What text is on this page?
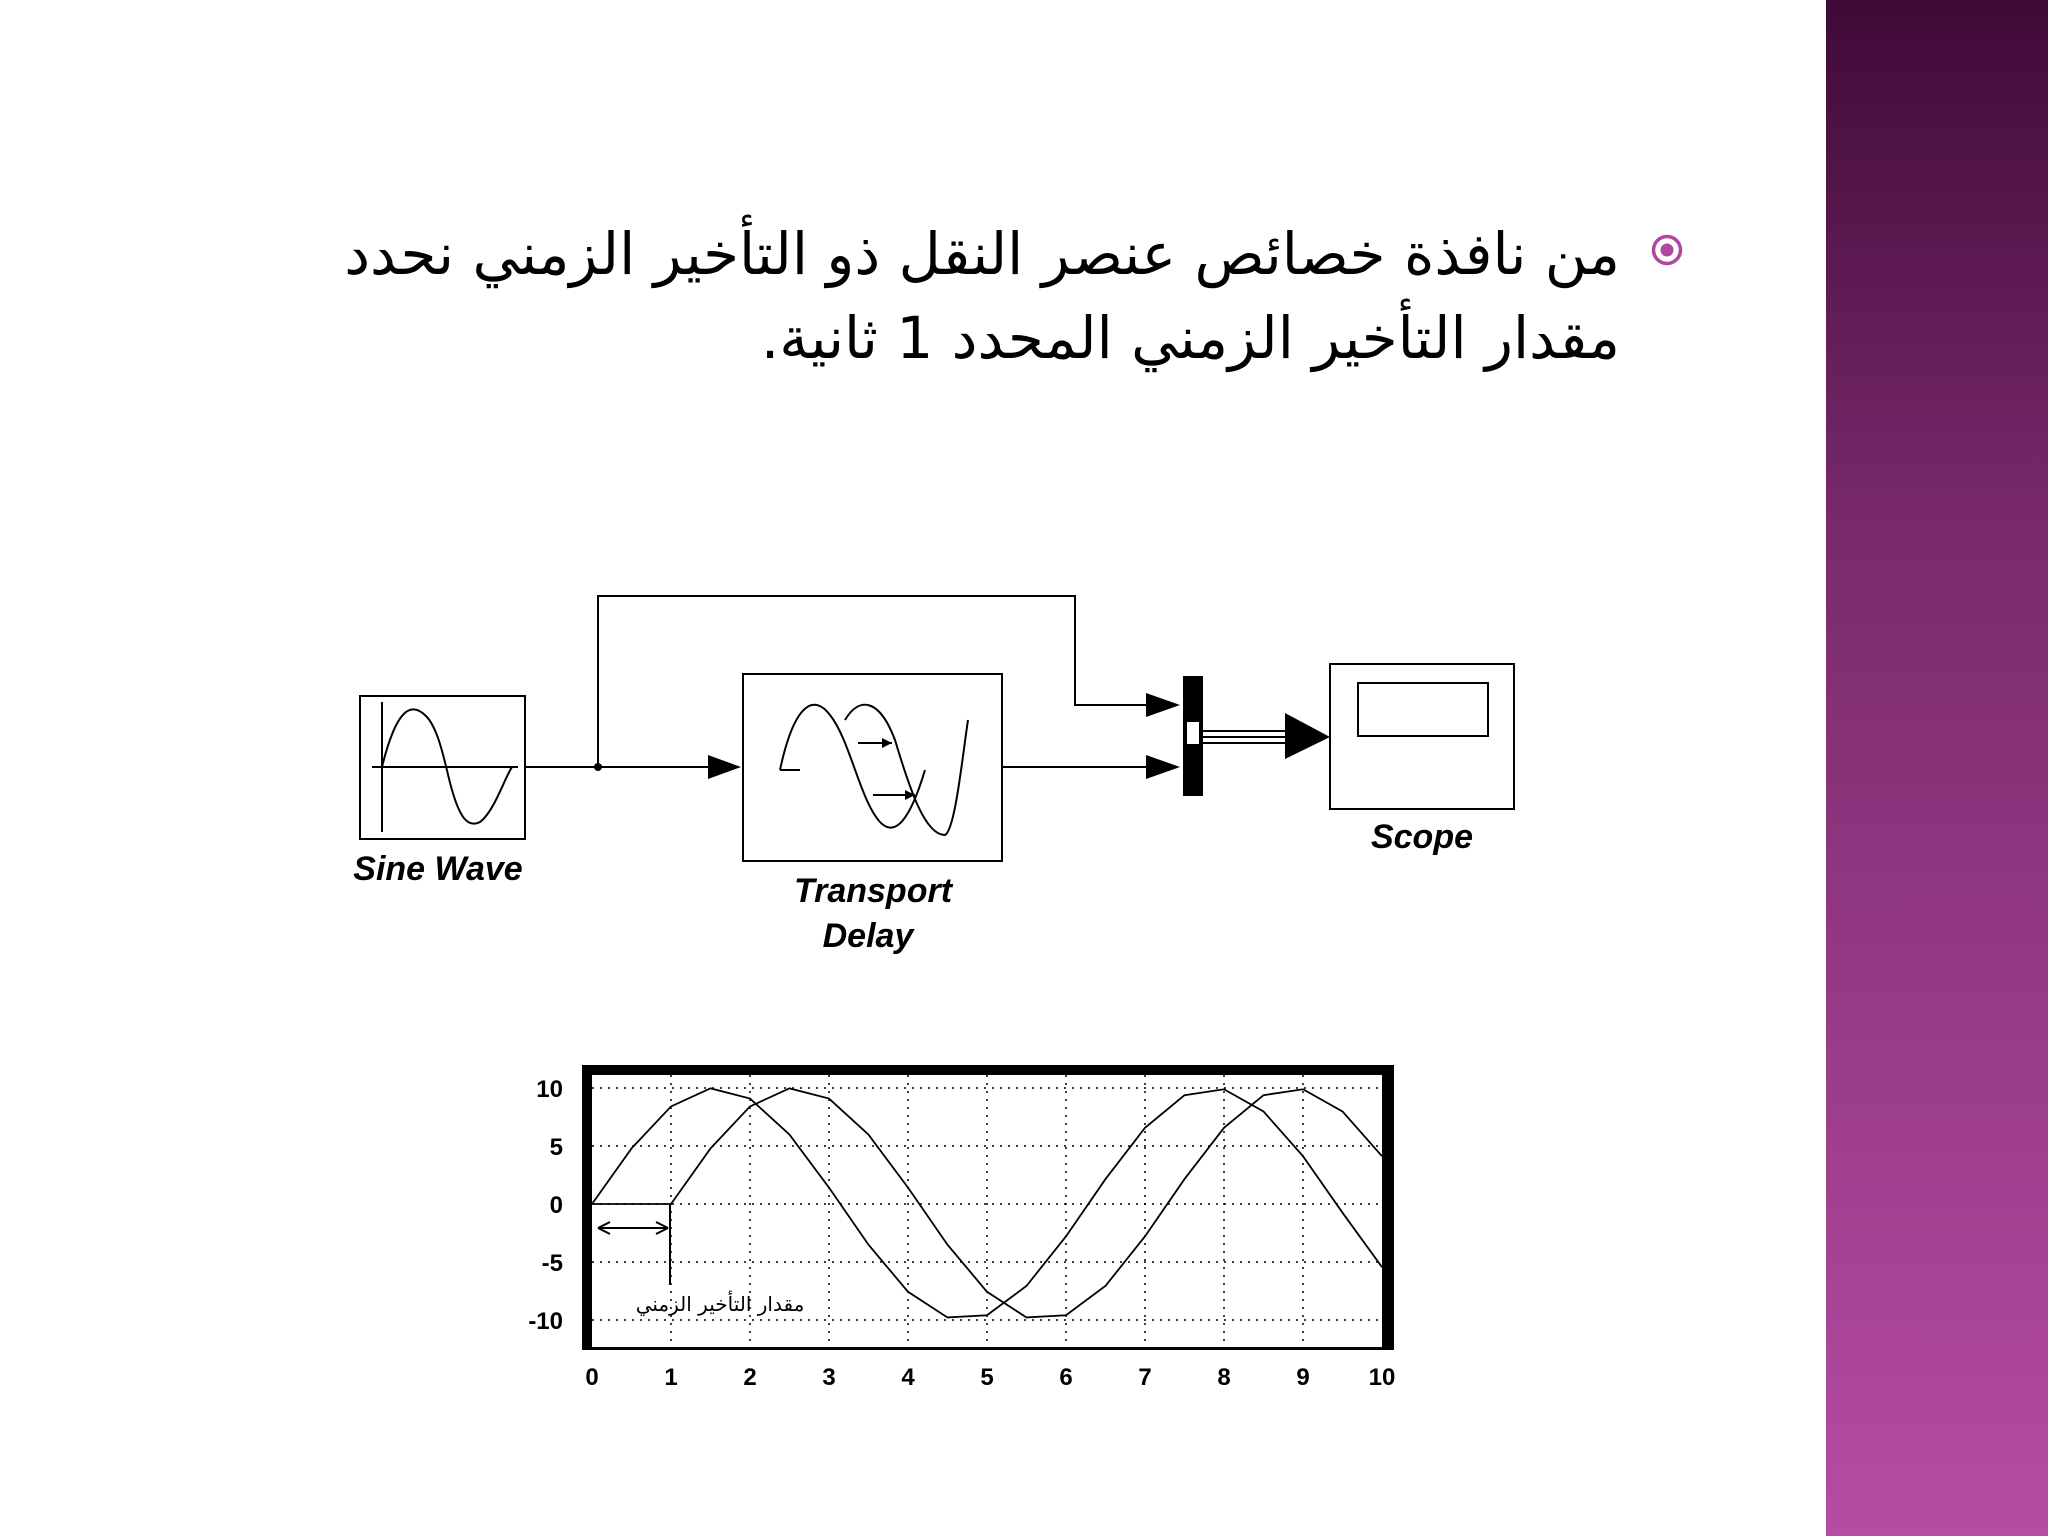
من نافذة خصائص عنصر النقل ذو التأخير الزمني نحدد مقدار التأخير الزمني المحدد 1 ثانية.
Sine Wave
Transport
Delay
Scope
10
5
0
-5
-10
0	1	2	3	4	5	6	7	8	9 10
مقدار التأخير الزمني
